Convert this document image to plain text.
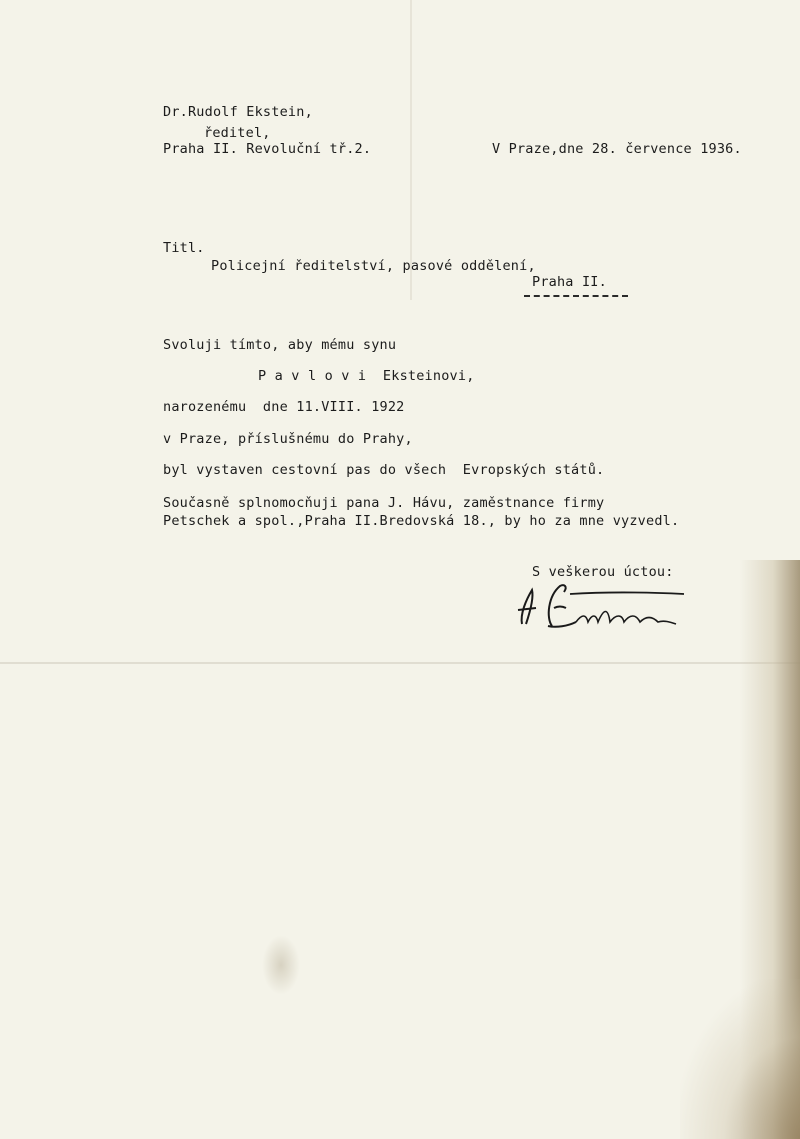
Dr.Rudolf Ekstein,
ředitel,
Praha II. Revoluční tř.2.	V Praze,dne 28. července 1936.
Titl.
Policejní ředitelství, pasové oddělení,
Praha II.
Svoluji tímto, aby mému synu
P a v l o v i  Eksteinovi,
narozenému  dne 11.VIII. 1922
v Praze, příslušnému do Prahy,
byl vystaven cestovní pas do všech  Evropských států.
Současně splnomocňuji pana J. Hávu, zaměstnance firmy
Petschek a spol.,Praha II.Bredovská 18., by ho za mne vyzvedl.
S veškerou úctou:
